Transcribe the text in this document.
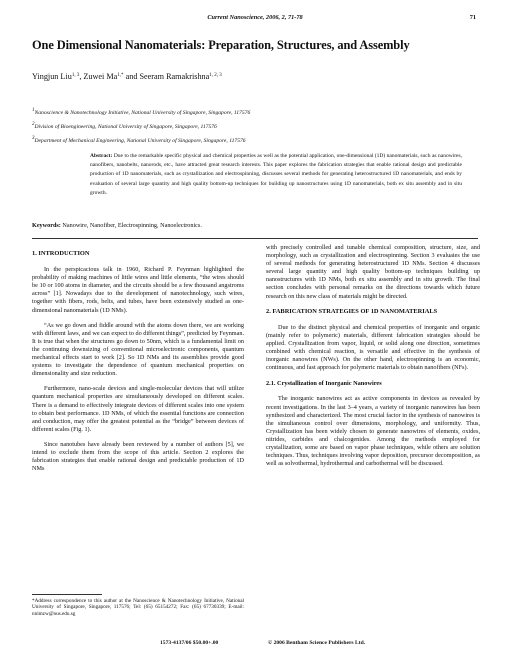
Current Nanoscience, 2006, 2, 71-78	71
One Dimensional Nanomaterials: Preparation, Structures, and Assembly
Yingjun Liu$^{1, 3}$, Zuwei $Ma^{1,*}$ and Seeram Ramakrishna$^{1, 2, 3}$
$^1$Nanoscience & Nanotechnology Initiative, National University of Singapore, Singapore, 117576
$^2$Division of Bioengineering, National University of Singapore, Singapore, 117576
$^3$Department of Mechanical Engineering, National University of Singapore, Singapore, 117576
Abstract: Due to the remarkable specific physical and chemical properties as well as the potential application, one-dimensional (1D) nanomaterials, such as nanowires, nanofibers, nanobelts, nanorods, etc., have attracted great research interests. This paper explores the fabrication strategies that enable rational design and predictable production of 1D nanomaterials, such as crystallization and electrospinning, discusses several methods for generating heterostructured 1D nanomaterials, and ends by evaluation of several large quantity and high quality bottom-up techniques for building up nanostructures using 1D nanomaterials, both ex situ assembly and in situ growth.
Keywords: Nanowire, Nanofiber, Electrospinning, Nanoelectronics.
1. INTRODUCTION

In the perspicacious talk in 1960, Richard P. Feynman highlighted the probability of making machines of little wires and little elements, “the wires should be 10 or 100 atoms in diameter, and the circuits should be a few thousand angstroms across” [1]. Nowadays due to the development of nanotechnology, such wires, together with fibers, rods, belts, and tubes, have been extensively studied as one-dimensional nanomaterials (1D NMs).

“As we go down and fiddle around with the atoms down there, we are working with different laws, and we can expect to do different things”, predicted by Feynman. It is true that when the structures go down to 50nm, which is a fundamental limit on the continuing downsizing of conventional microelectronic components, quantum mechanical effects start to work [2]. So 1D NMs and its assemblies provide good systems to investigate the dependence of quantum mechanical properties on dimensionality and size reduction.

Furthermore, nano-scale devices and single-molecular devices that will utilize quantum mechanical properties are simultaneously developed on different scales. There is a demand to effectively integrate devices of different scales into one system to obtain best performance. 1D NMs, of which the essential functions are connection and conduction, may offer the greatest potential as the “bridge” between devices of different scales (Fig. 1).

Since nanotubes have already been reviewed by a number of authors [5], we intend to exclude them from the scope of this article. Section 2 explores the fabrication strategies that enable rational design and predictable production of 1D NMs

with precisely controlled and tunable chemical composition, structure, size, and morphology, such as crystallization and electrospinning. Section 3 evaluates the use of several methods for generating heterostructured 1D NMs. Section 4 discusses several large quantity and high quality bottom-up techniques building up nanostructures with 1D NMs, both ex situ assembly and in situ growth. The final section concludes with personal remarks on the directions towards which future research on this new class of materials might be directed.

2. FABRICATION STRATEGIES OF 1D NANOMATERIALS

Due to the distinct physical and chemical properties of inorganic and organic (mainly refer to polymeric) materials, different fabrication strategies should be applied. Crystallization from vapor, liquid, or solid along one direction, sometimes combined with chemical reaction, is versatile and effective in the synthesis of inorganic nanowires (NWs). On the other hand, electrospinning is an economic, continuous, and fast approach for polymeric materials to obtain nanofibers (NFs).

2.1. Crystallization of Inorganic Nanowires

The inorganic nanowires act as active components in devices as revealed by recent investigations. In the last 3–4 years, a variety of inorganic nanowires has been synthesized and characterized. The most crucial factor in the synthesis of nanowires is the simultaneous control over dimensions, morphology, and uniformity. Thus, Crystallization has been widely chosen to generate nanowires of elements, oxides, nitrides, carbides and chalcogenides. Among the methods employed for crystallization, some are based on vapor phase techniques, while others are solution techniques. Thus, techniques involving vapor deposition, precursor decomposition, as well as solvothermal, hydrothermal and carbothermal will be discussed.

*Address correspondence to this author at the Nanoscience & Nanotechnology Initiative, National University of Singapore, Singapore, 117576; Tel: (65) 65154272; Fax: (65) 67730339; E-mail: nnimzw@nus.edu.sg
1573-4137/06 $50.00+.00	© 2006 Bentham Science Publishers Ltd.
